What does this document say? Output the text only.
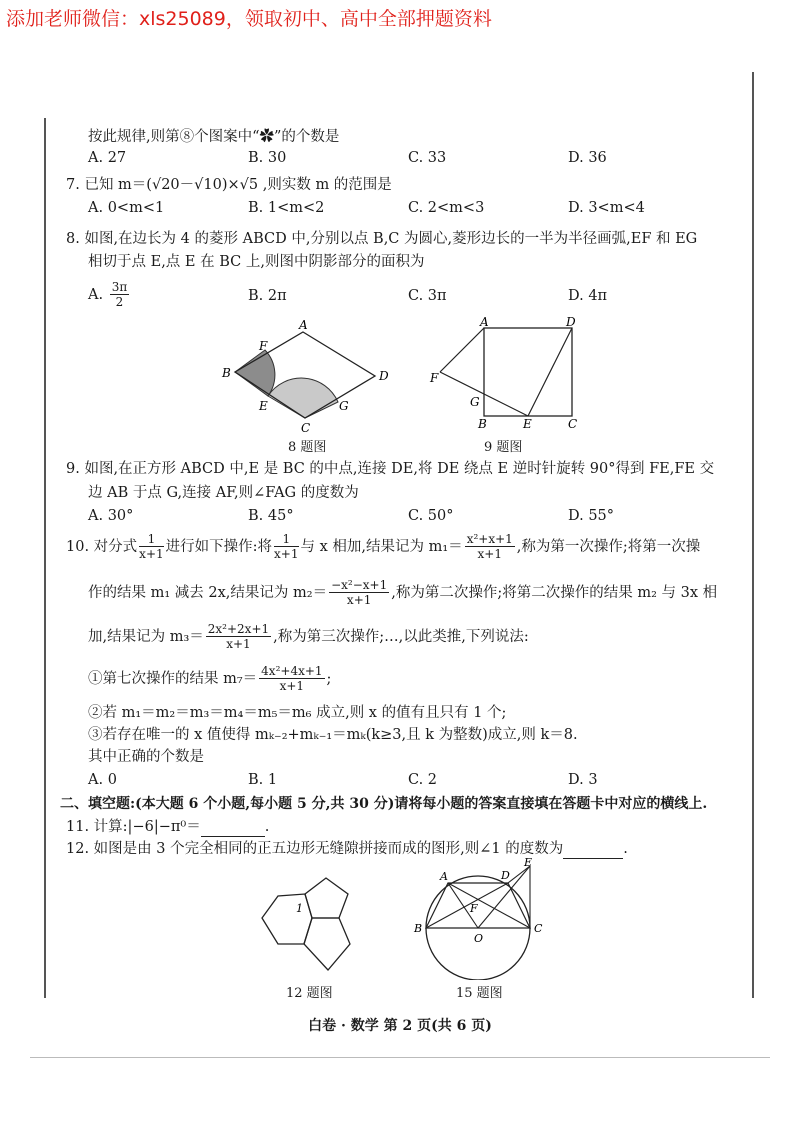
添加老师微信：xls25089，领取初中、高中全部押题资料
按此规律,则第⑧个图案中“✿”的个数是
A. 27	B. 30	C. 33	D. 36
7. 已知 m＝(√20－√10)×√5 ,则实数 m 的范围是
A. 0<m<1	B. 1<m<2	C. 2<m<3	D. 3<m<4
8. 如图,在边长为 4 的菱形 ABCD 中,分别以点 B,C 为圆心,菱形边长的一半为半径画弧,EF 和 EG
相切于点 E,点 E 在 BC 上,则图中阴影部分的面积为
A. $\frac{3\pi}{2}$	B. 2π	C. 3π	D. 4π
A
F
B	D
E	G
C
8 题图
A	D
F
G
B	E	C
9 题图
9. 如图,在正方形 ABCD 中,E 是 BC 的中点,连接 DE,将 DE 绕点 E 逆时针旋转 90°得到 FE,FE 交
边 AB 于点 G,连接 AF,则∠FAG 的度数为
A. 30°	B. 45°	C. 50°	D. 55°
10. 对分式 $\frac{1}{x+1}$ 进行如下操作:将 $\frac{1}{x+1}$ 与 x 相加,结果记为 $m_1= \frac{\text{x²+x+1}}{x+1}$ ,称为第一次操作;将第一次操
作的结果 m₁ 减去 2x,结果记为 $m_2= \frac{\text{−x²−x+1}}{x+1}$ ,称为第二次操作;将第二次操作的结果 m₂ 与 3x 相
加,结果记为 $m_3= \frac{\text{2x²+2x+1}}{x+1}$ ,称为第三次操作;…,以此类推,下列说法:
①第七次操作的结果 $m_7= \frac{\text{4x²+4x+1}}{x+1}$ ;
②若 m₁＝m₂＝m₃＝m₄＝m₅＝m₆ 成立,则 x 的值有且只有 1 个;
③若存在唯一的 x 值使得 mₖ₋₂+mₖ₋₁＝mₖ(k≥3,且 k 为整数)成立,则 k＝8.
其中正确的个数是
A. 0	B. 1	C. 2	D. 3
二、填空题:(本大题 6 个小题,每小题 5 分,共 30 分)请将每小题的答案直接填在答题卡中对应的横线上.
11. 计算:|−6|−π⁰＝	.
12. 如图是由 3 个完全相同的正五边形无缝隙拼接而成的图形,则∠1 的度数为	.
1
12 题图
E
A	D
F
B
O
C
15 题图
白卷 · 数学 第 2 页(共 6 页)
